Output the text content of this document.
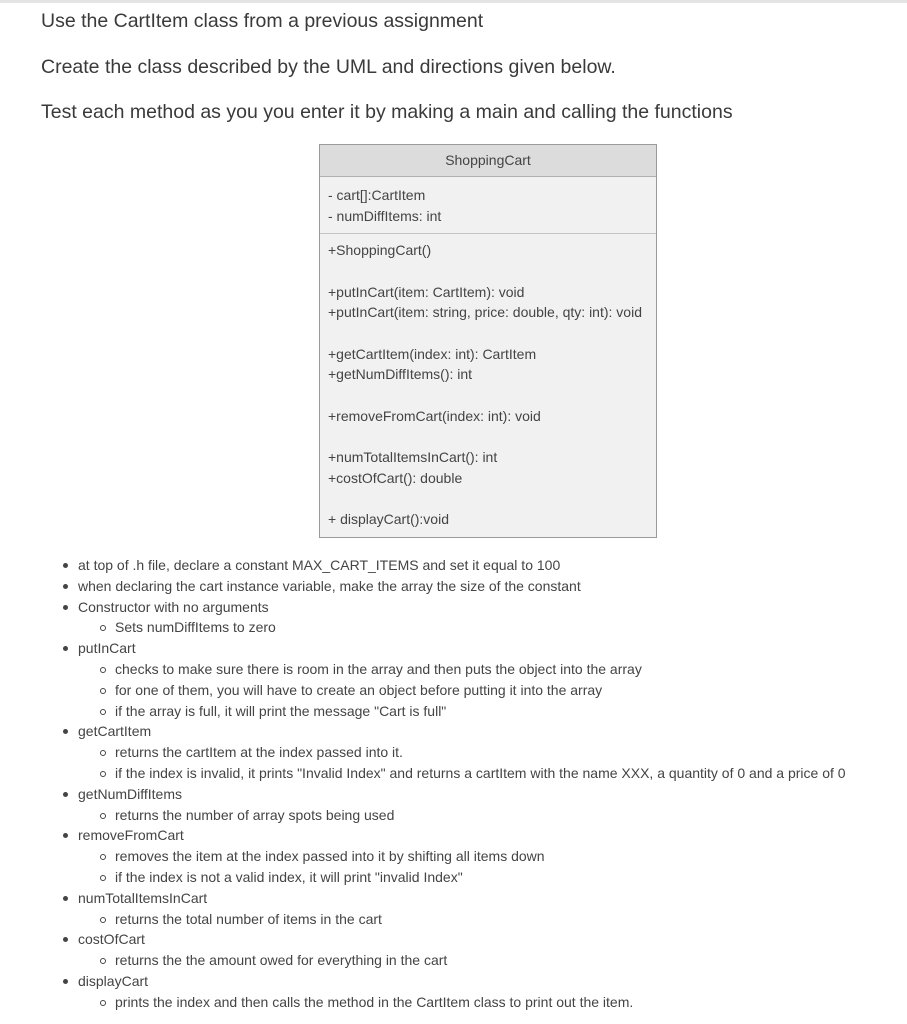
Use the CartItem class from a previous assignment

Create the class described by the UML and directions given below.

Test each method as you you enter it by making a main and calling the functions

ShoppingCart
- cart[]:CartItem
- numDiffItems: int
+ShoppingCart()
+putInCart(item: CartItem): void
+putInCart(item: string, price: double, qty: int): void
+getCartItem(index: int): CartItem
+getNumDiffItems(): int
+removeFromCart(index: int): void
+numTotalItemsInCart(): int
+costOfCart(): double
+ displayCart():void
at top of .h file, declare a constant MAX_CART_ITEMS and set it equal to 100
when declaring the cart instance variable, make the array the size of the constant
Constructor with no arguments
Sets numDiffItems to zero
putInCart
checks to make sure there is room in the array and then puts the object into the array
for one of them, you will have to create an object before putting it into the array
if the array is full, it will print the message "Cart is full"
getCartItem
returns the cartItem at the index passed into it.
if the index is invalid, it prints "Invalid Index" and returns a cartItem with the name XXX, a quantity of 0 and a price of 0
getNumDiffItems
returns the number of array spots being used
removeFromCart
removes the item at the index passed into it by shifting all items down
if the index is not a valid index, it will print "invalid Index"
numTotalItemsInCart
returns the total number of items in the cart
costOfCart
returns the the amount owed for everything in the cart
displayCart
prints the index and then calls the method in the CartItem class to print out the item.
